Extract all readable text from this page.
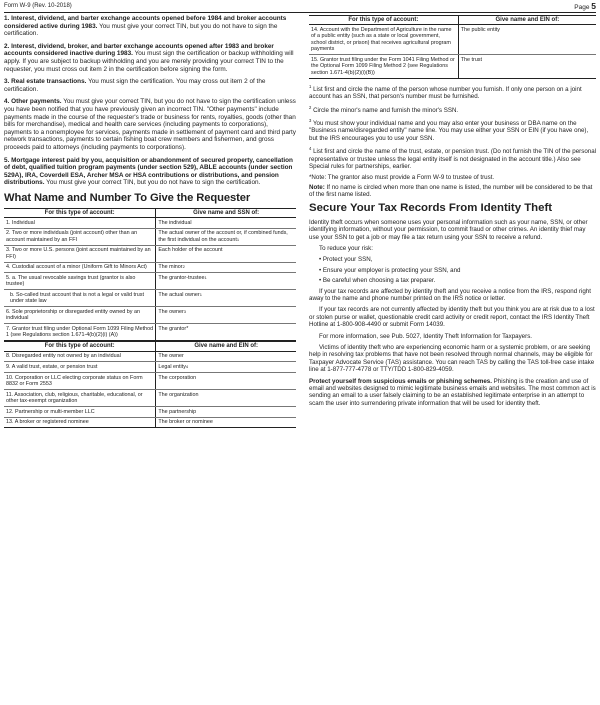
Form W-9 (Rev. 10-2018)	Page 5

1. Interest, dividend, and barter exchange accounts opened before 1984 and broker accounts considered active during 1983. You must give your correct TIN, but you do not have to sign the certification.

2. Interest, dividend, broker, and barter exchange accounts opened after 1983 and broker accounts considered inactive during 1983. You must sign the certification or backup withholding will apply. If you are subject to backup withholding and you are merely providing your correct TIN to the requester, you must cross out item 2 in the certification before signing the form.

3. Real estate transactions. You must sign the certification. You may cross out item 2 of the certification.

4. Other payments. You must give your correct TIN, but you do not have to sign the certification unless you have been notified that you have previously given an incorrect TIN. "Other payments" include payments made in the course of the requester's trade or business for rents, royalties, goods (other than bills for merchandise), medical and health care services (including payments to corporations), payments to a nonemployee for services, payments made in settlement of payment card and third party network transactions, payments to certain fishing boat crew members and fishermen, and gross proceeds paid to attorneys (including payments to corporations).

5. Mortgage interest paid by you, acquisition or abandonment of secured property, cancellation of debt, qualified tuition program payments (under section 529), ABLE accounts (under section 529A), IRA, Coverdell ESA, Archer MSA or HSA contributions or distributions, and pension distributions. You must give your correct TIN, but you do not have to sign the certification.

What Name and Number To Give the Requester
For this type of account:	Give name and SSN of:
1. Individual	The individual
2. Two or more individuals (joint account) other than an account maintained by an FFI	The actual owner of the account or, if combined funds, the first individual on the account$^1$
3. Two or more U.S. persons (joint account maintained by an FFI)	Each holder of the account
4. Custodial account of a minor (Uniform Gift to Minors Act)	The minor$^2$
5. a. The usual revocable savings trust (grantor is also trustee)	The grantor-trustee$^1$
b. So-called trust account that is not a legal or valid trust under state law	The actual owner$^1$
6. Sole proprietorship or disregarded entity owned by an individual	The owner$^3$
7. Grantor trust filing under Optional Form 1099 Filing Method 1 (see Regulations section 1.671-4(b)(2)(i) (A))	The grantor*
For this type of account:	Give name and EIN of:
8. Disregarded entity not owned by an individual	The owner
9. A valid trust, estate, or pension trust	Legal entity$^4$
10. Corporation or LLC electing corporate status on Form 8832 or Form 2553	The corporation
11. Association, club, religious, charitable, educational, or other tax-exempt organization	The organization
12. Partnership or multi-member LLC	The partnership
13. A broker or registered nominee	The broker or nominee
For this type of account:	Give name and EIN of:
14. Account with the Department of Agriculture in the name of a public entity (such as a state or local government, school district, or prison) that receives agricultural program payments	The public entity
15. Grantor trust filing under the Form 1041 Filing Method or the Optional Form 1099 Filing Method 2 (see Regulations section 1.671-4(b)(2)(i)(B))	The trust

$^1$ List first and circle the name of the person whose number you furnish. If only one person on a joint account has an SSN, that person's number must be furnished.

$^2$ Circle the minor's name and furnish the minor's SSN.

$^3$ You must show your individual name and you may also enter your business or DBA name on the "Business name/disregarded entity" name line. You may use either your SSN or EIN (if you have one), but the IRS encourages you to use your SSN.

$^4$ List first and circle the name of the trust, estate, or pension trust. (Do not furnish the TIN of the personal representative or trustee unless the legal entity itself is not designated in the account title.) Also see Special rules for partnerships, earlier.

*Note: The grantor also must provide a Form W-9 to trustee of trust.

Note: If no name is circled when more than one name is listed, the number will be considered to be that of the first name listed.

Secure Your Tax Records From Identity Theft

Identity theft occurs when someone uses your personal information such as your name, SSN, or other identifying information, without your permission, to commit fraud or other crimes. An identity thief may use your SSN to get a job or may file a tax return using your SSN to receive a refund.

To reduce your risk:

• Protect your SSN,

• Ensure your employer is protecting your SSN, and

• Be careful when choosing a tax preparer.

If your tax records are affected by identity theft and you receive a notice from the IRS, respond right away to the name and phone number printed on the IRS notice or letter.

If your tax records are not currently affected by identity theft but you think you are at risk due to a lost or stolen purse or wallet, questionable credit card activity or credit report, contact the IRS Identity Theft Hotline at 1-800-908-4490 or submit Form 14039.

For more information, see Pub. 5027, Identity Theft Information for Taxpayers.

Victims of identity theft who are experiencing economic harm or a systemic problem, or are seeking help in resolving tax problems that have not been resolved through normal channels, may be eligible for Taxpayer Advocate Service (TAS) assistance. You can reach TAS by calling the TAS toll-free case intake line at 1-877-777-4778 or TTY/TDD 1-800-829-4059.

Protect yourself from suspicious emails or phishing schemes. Phishing is the creation and use of email and websites designed to mimic legitimate business emails and websites. The most common act is sending an email to a user falsely claiming to be an established legitimate enterprise in an attempt to scam the user into surrendering private information that will be used for identity theft.
